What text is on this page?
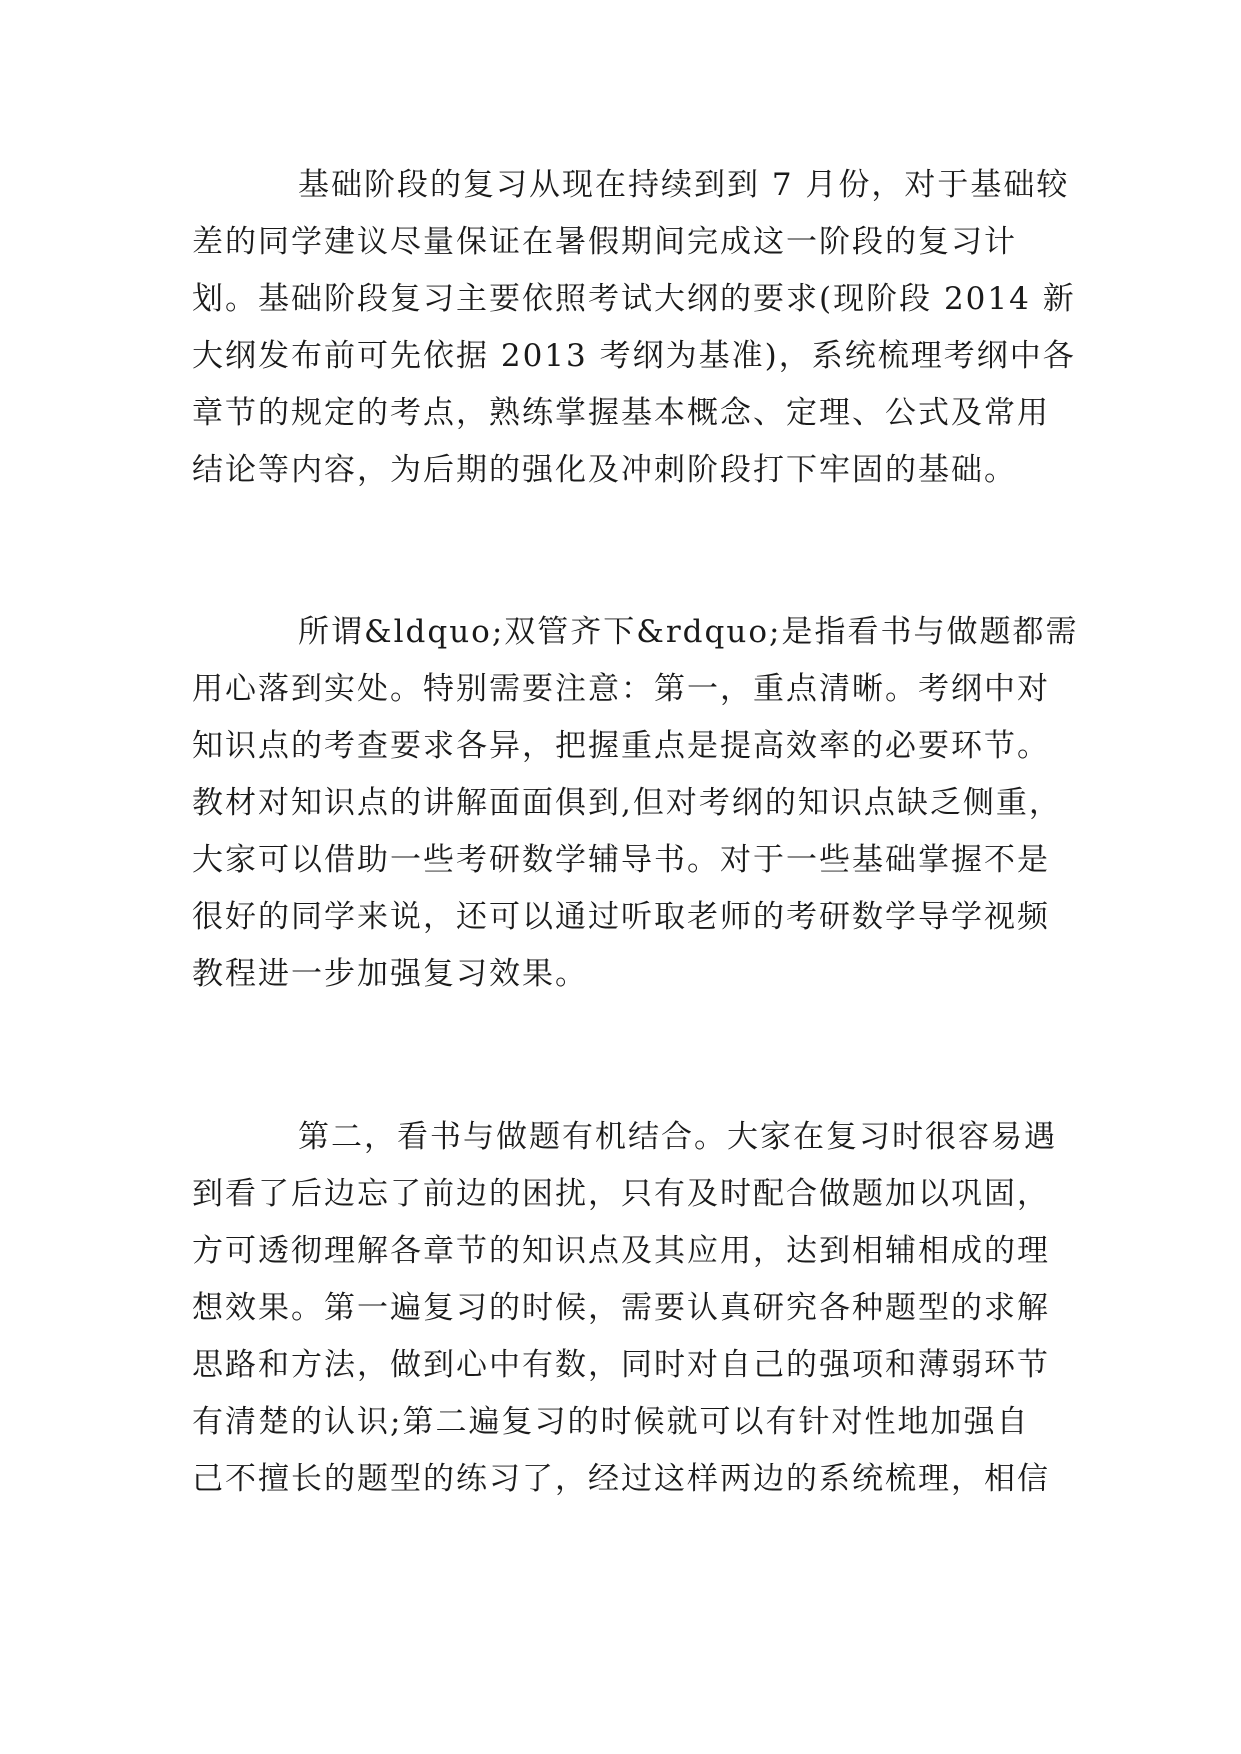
基础阶段的复习从现在持续到到 7 月份，对于基础较
差的同学建议尽量保证在暑假期间完成这一阶段的复习计
划。基础阶段复习主要依照考试大纲的要求(现阶段 2014 新
大纲发布前可先依据 2013 考纲为基准)，系统梳理考纲中各
章节的规定的考点，熟练掌握基本概念、定理、公式及常用
结论等内容，为后期的强化及冲刺阶段打下牢固的基础。
所谓&ldquo;双管齐下&rdquo;是指看书与做题都需
用心落到实处。特别需要注意：第一，重点清晰。考纲中对
知识点的考查要求各异，把握重点是提高效率的必要环节。
教材对知识点的讲解面面俱到,但对考纲的知识点缺乏侧重，
大家可以借助一些考研数学辅导书。对于一些基础掌握不是
很好的同学来说，还可以通过听取老师的考研数学导学视频
教程进一步加强复习效果。
第二，看书与做题有机结合。大家在复习时很容易遇
到看了后边忘了前边的困扰，只有及时配合做题加以巩固，
方可透彻理解各章节的知识点及其应用，达到相辅相成的理
想效果。第一遍复习的时候，需要认真研究各种题型的求解
思路和方法，做到心中有数，同时对自己的强项和薄弱环节
有清楚的认识;第二遍复习的时候就可以有针对性地加强自
己不擅长的题型的练习了，经过这样两边的系统梳理，相信
